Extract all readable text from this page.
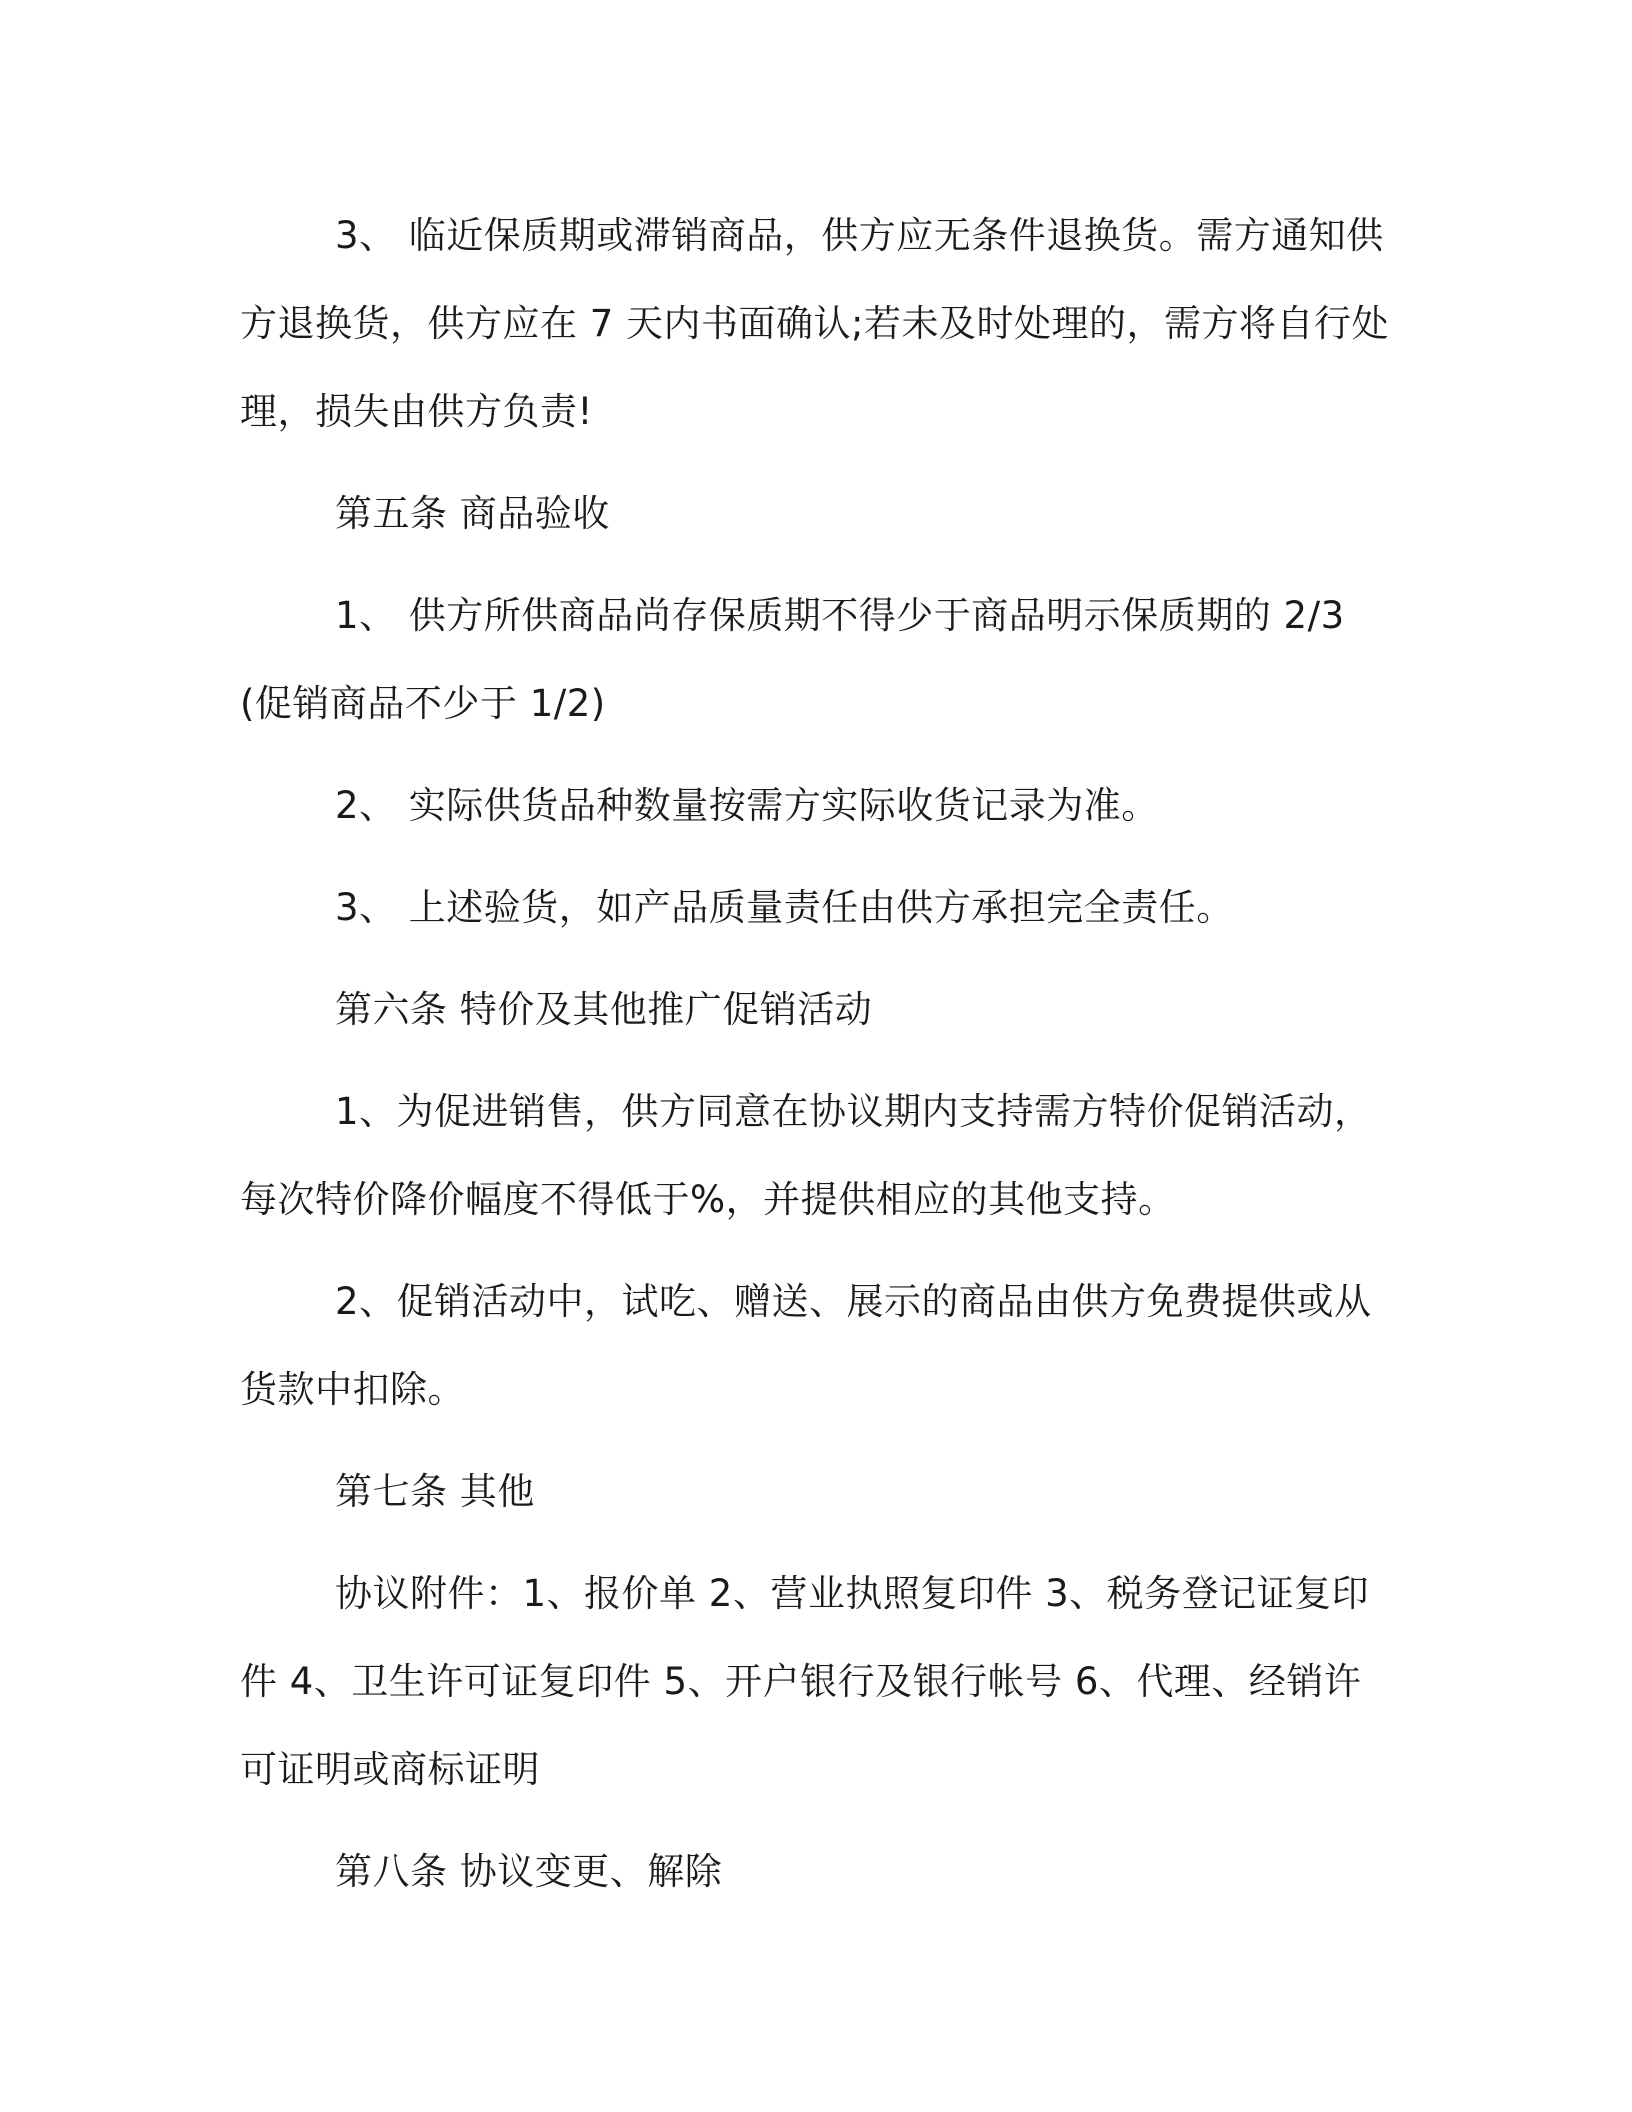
3、 临近保质期或滞销商品，供方应无条件退换货。需方通知供方退换货，供方应在 7 天内书面确认;若未及时处理的，需方将自行处理，损失由供方负责!

第五条 商品验收

1、 供方所供商品尚存保质期不得少于商品明示保质期的 2/3(促销商品不少于 1/2)

2、 实际供货品种数量按需方实际收货记录为准。

3、 上述验货，如产品质量责任由供方承担完全责任。

第六条 特价及其他推广促销活动

1、为促进销售，供方同意在协议期内支持需方特价促销活动，每次特价降价幅度不得低于%，并提供相应的其他支持。

2、促销活动中，试吃、赠送、展示的商品由供方免费提供或从货款中扣除。

第七条 其他

协议附件：1、报价单 2、营业执照复印件 3、税务登记证复印件 4、卫生许可证复印件 5、开户银行及银行帐号 6、代理、经销许可证明或商标证明

第八条 协议变更、解除
